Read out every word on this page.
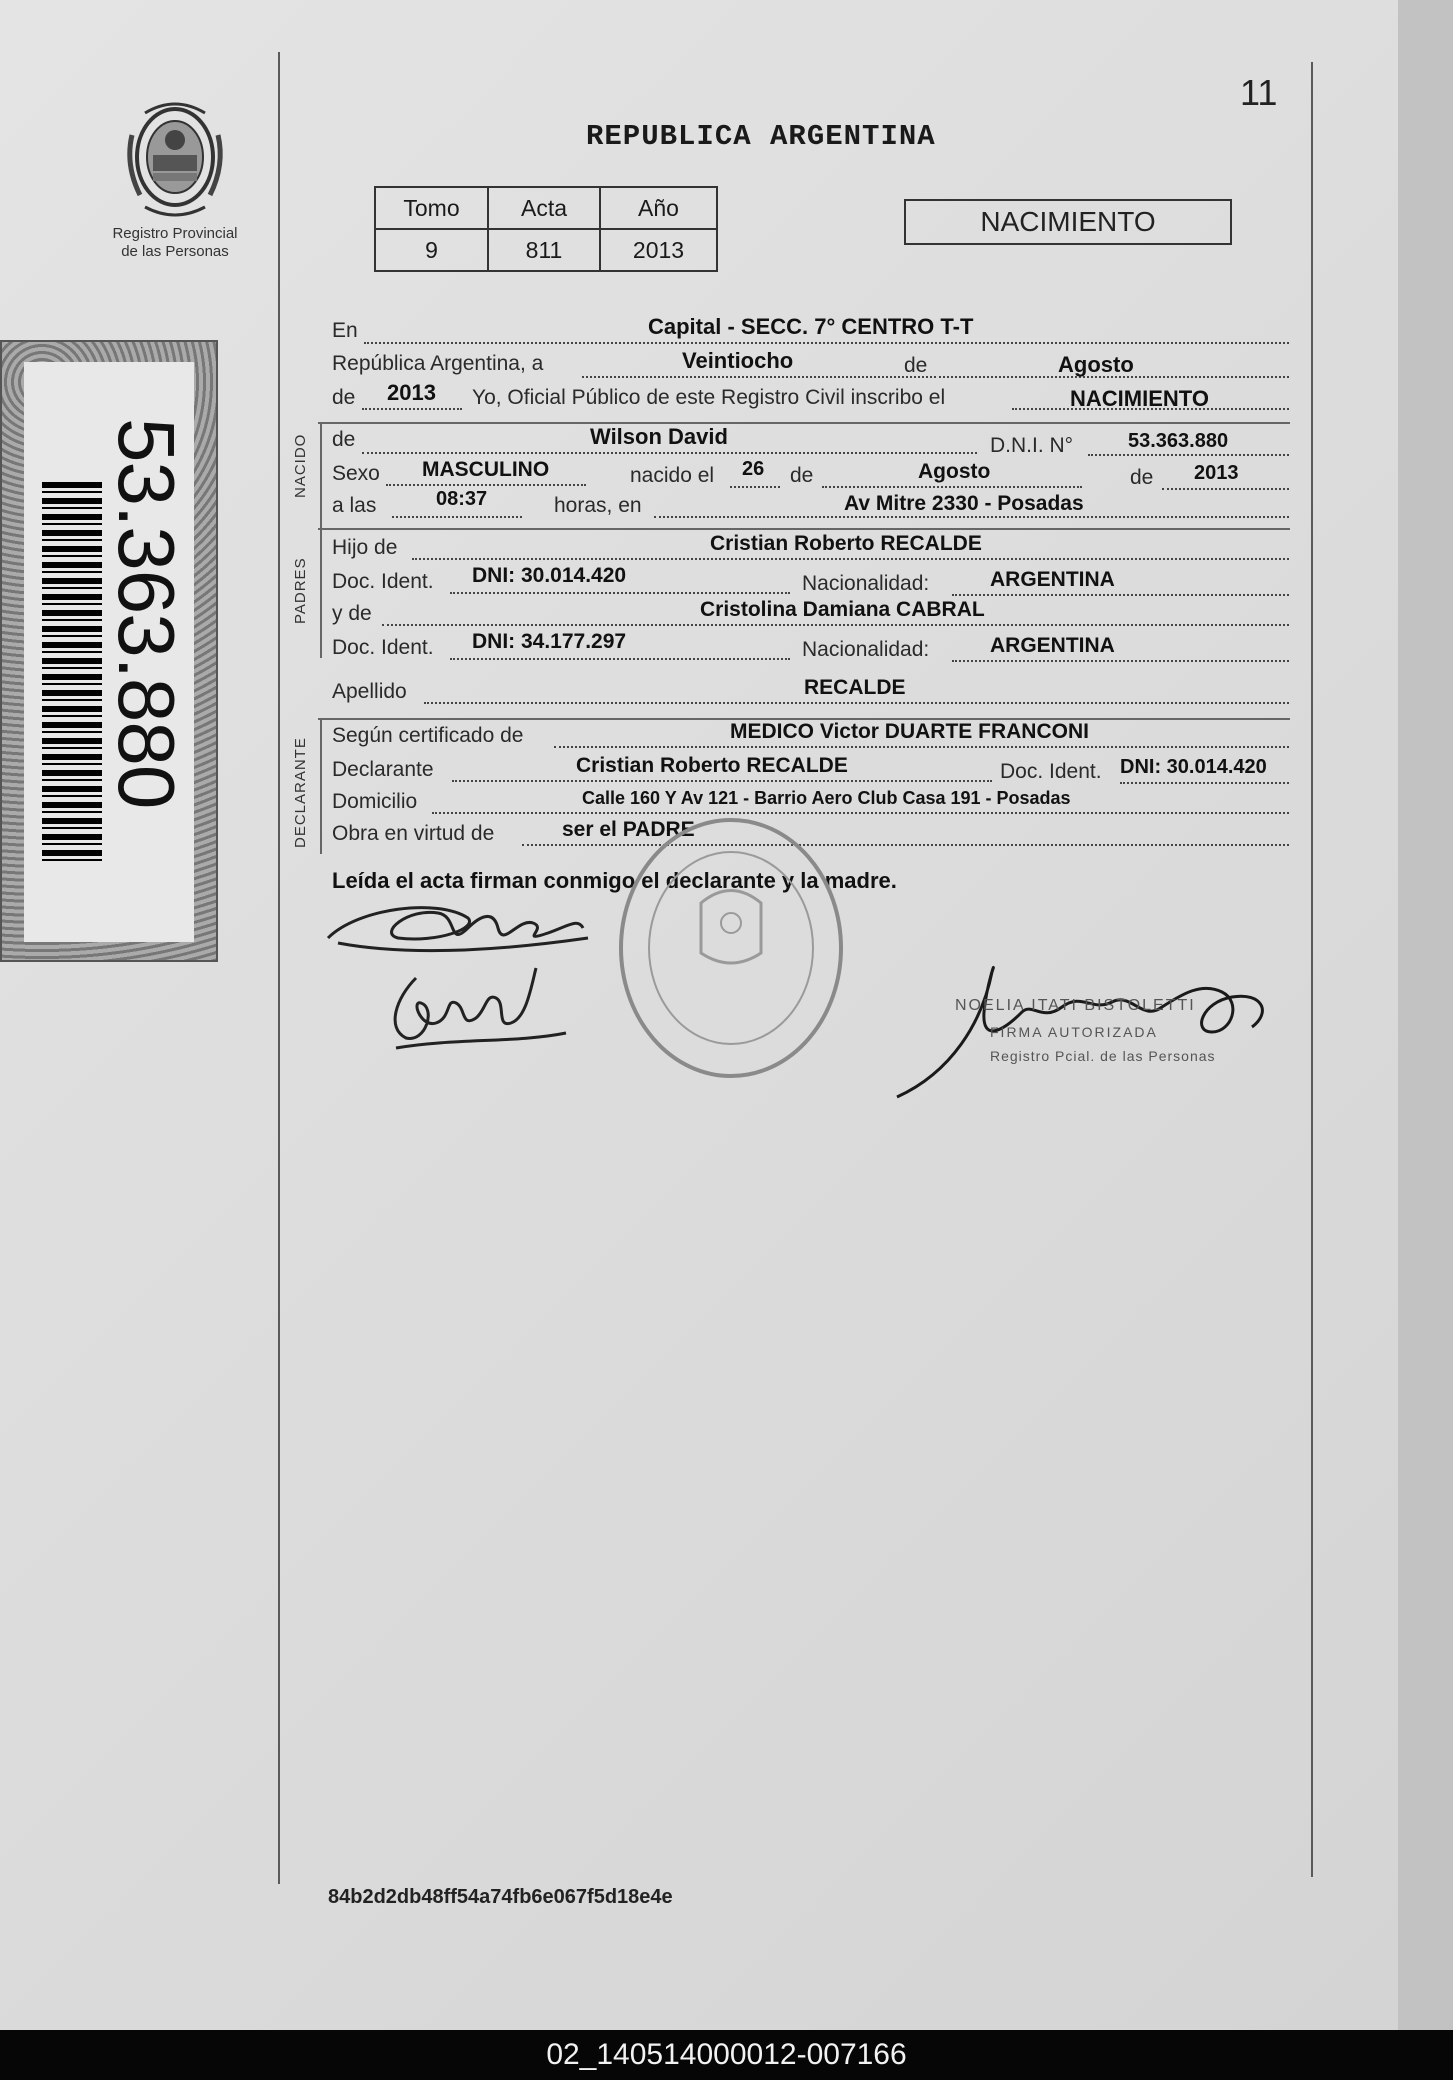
Registro Provincial
de las Personas
53.363.880
11
REPUBLICA ARGENTINA
Tomo	Acta	Año
9	811	2013
NACIMIENTO
En	Capital - SECC. 7° CENTRO T-T
República Argentina, a	Veintiocho	de	Agosto
de 2013 Yo, Oficial Público de este Registro Civil inscribo el	NACIMIENTO
NACIDO de	Wilson David	D.N.I. N°	53.363.880
Sexo MASCULINO	nacido el 26 de	Agosto	de 2013
a las	08:37	horas, en	Av Mitre 2330 - Posadas
PADRES
Hijo de	Cristian Roberto RECALDE
Doc. Ident. DNI: 30.014.420	Nacionalidad:	ARGENTINA
y de	Cristolina Damiana CABRAL
Doc. Ident. DNI: 34.177.297	Nacionalidad:	ARGENTINA
Apellido	RECALDE
DECLARANTE
Según certificado de	MEDICO Victor DUARTE FRANCONI
Declarante	Cristian Roberto RECALDE	Doc. Ident. DNI: 30.014.420
Domicilio	Calle 160 Y Av 121 - Barrio Aero Club Casa 191 - Posadas
Obra en virtud de	ser el PADRE
Leída el acta firman conmigo el declarante y la madre.
NOELIA ITATI BISTOLETTI
FIRMA AUTORIZADA
Registro Pcial. de las Personas
84b2d2db48ff54a74fb6e067f5d18e4e
02_140514000012-007166
